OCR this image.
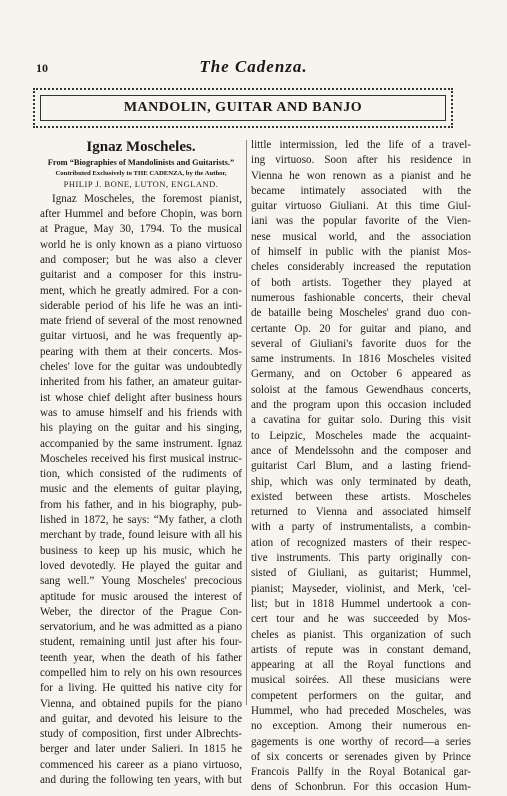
10	The Cadenza.
MANDOLIN, GUITAR AND BANJO
Ignaz Moscheles.
From “Biographies of Mandolinists and Guitarists.”
Contributed Exclusively to THE CADENZA, by the Author,
PHILIP J. BONE, LUTON, ENGLAND.
Ignaz Moscheles, the foremost pianist,
after Hummel and before Chopin, was born
at Prague, May 30, 1794. To the musical
world he is only known as a piano virtuoso
and composer; but he was also a clever
guitarist and a composer for this instru-
ment, which he greatly admired. For a con-
siderable period of his life he was an inti-
mate friend of several of the most renowned
guitar virtuosi, and he was frequently ap-
pearing with them at their concerts. Mos-
cheles' love for the guitar was undoubtedly
inherited from his father, an amateur guitar-
ist whose chief delight after business hours
was to amuse himself and his friends with
his playing on the guitar and his singing,
accompanied by the same instrument. Ignaz
Moscheles received his first musical instruc-
tion, which consisted of the rudiments of
music and the elements of guitar playing,
from his father, and in his biography, pub-
lished in 1872, he says: “My father, a cloth
merchant by trade, found leisure with all his
business to keep up his music, which he
loved devotedly. He played the guitar and
sang well.” Young Moscheles' precocious
aptitude for music aroused the interest of
Weber, the director of the Prague Con-
servatorium, and he was admitted as a piano
student, remaining until just after his four-
teenth year, when the death of his father
compelled him to rely on his own resources
for a living. He quitted his native city for
Vienna, and obtained pupils for the piano
and guitar, and devoted his leisure to the
study of composition, first under Albrechts-
berger and later under Salieri. In 1815 he
commenced his career as a piano virtuoso,
and during the following ten years, with but
little intermission, led the life of a travel-
ing virtuoso. Soon after his residence in
Vienna he won renown as a pianist and he
became intimately associated with the
guitar virtuoso Giuliani. At this time Giul-
iani was the popular favorite of the Vien-
nese musical world, and the association
of himself in public with the pianist Mos-
cheles considerably increased the reputation
of both artists. Together they played at
numerous fashionable concerts, their cheval
de bataille being Moscheles' grand duo con-
certante Op. 20 for guitar and piano, and
several of Giuliani's favorite duos for the
same instruments. In 1816 Moscheles visited
Germany, and on October 6 appeared as
soloist at the famous Gewendhaus concerts,
and the program upon this occasion included
a cavatina for guitar solo. During this visit
to Leipzic, Moscheles made the acquaint-
ance of Mendelssohn and the composer and
guitarist Carl Blum, and a lasting friend-
ship, which was only terminated by death,
existed between these artists. Moscheles
returned to Vienna and associated himself
with a party of instrumentalists, a combin-
ation of recognized masters of their respec-
tive instruments. This party originally con-
sisted of Giuliani, as guitarist; Hummel,
pianist; Mayseder, violinist, and Merk, 'cel-
list; but in 1818 Hummel undertook a con-
cert tour and he was succeeded by Mos-
cheles as pianist. This organization of such
artists of repute was in constant demand,
appearing at all the Royal functions and
musical soirées. All these musicians were
competent performers on the guitar, and
Hummel, who had preceded Moscheles, was
no exception. Among their numerous en-
gagements is one worthy of record—a series
of six concerts or serenades given by Prince
Francois Pallfy in the Royal Botanical gar-
dens of Schonbrun. For this occasion Hum-
